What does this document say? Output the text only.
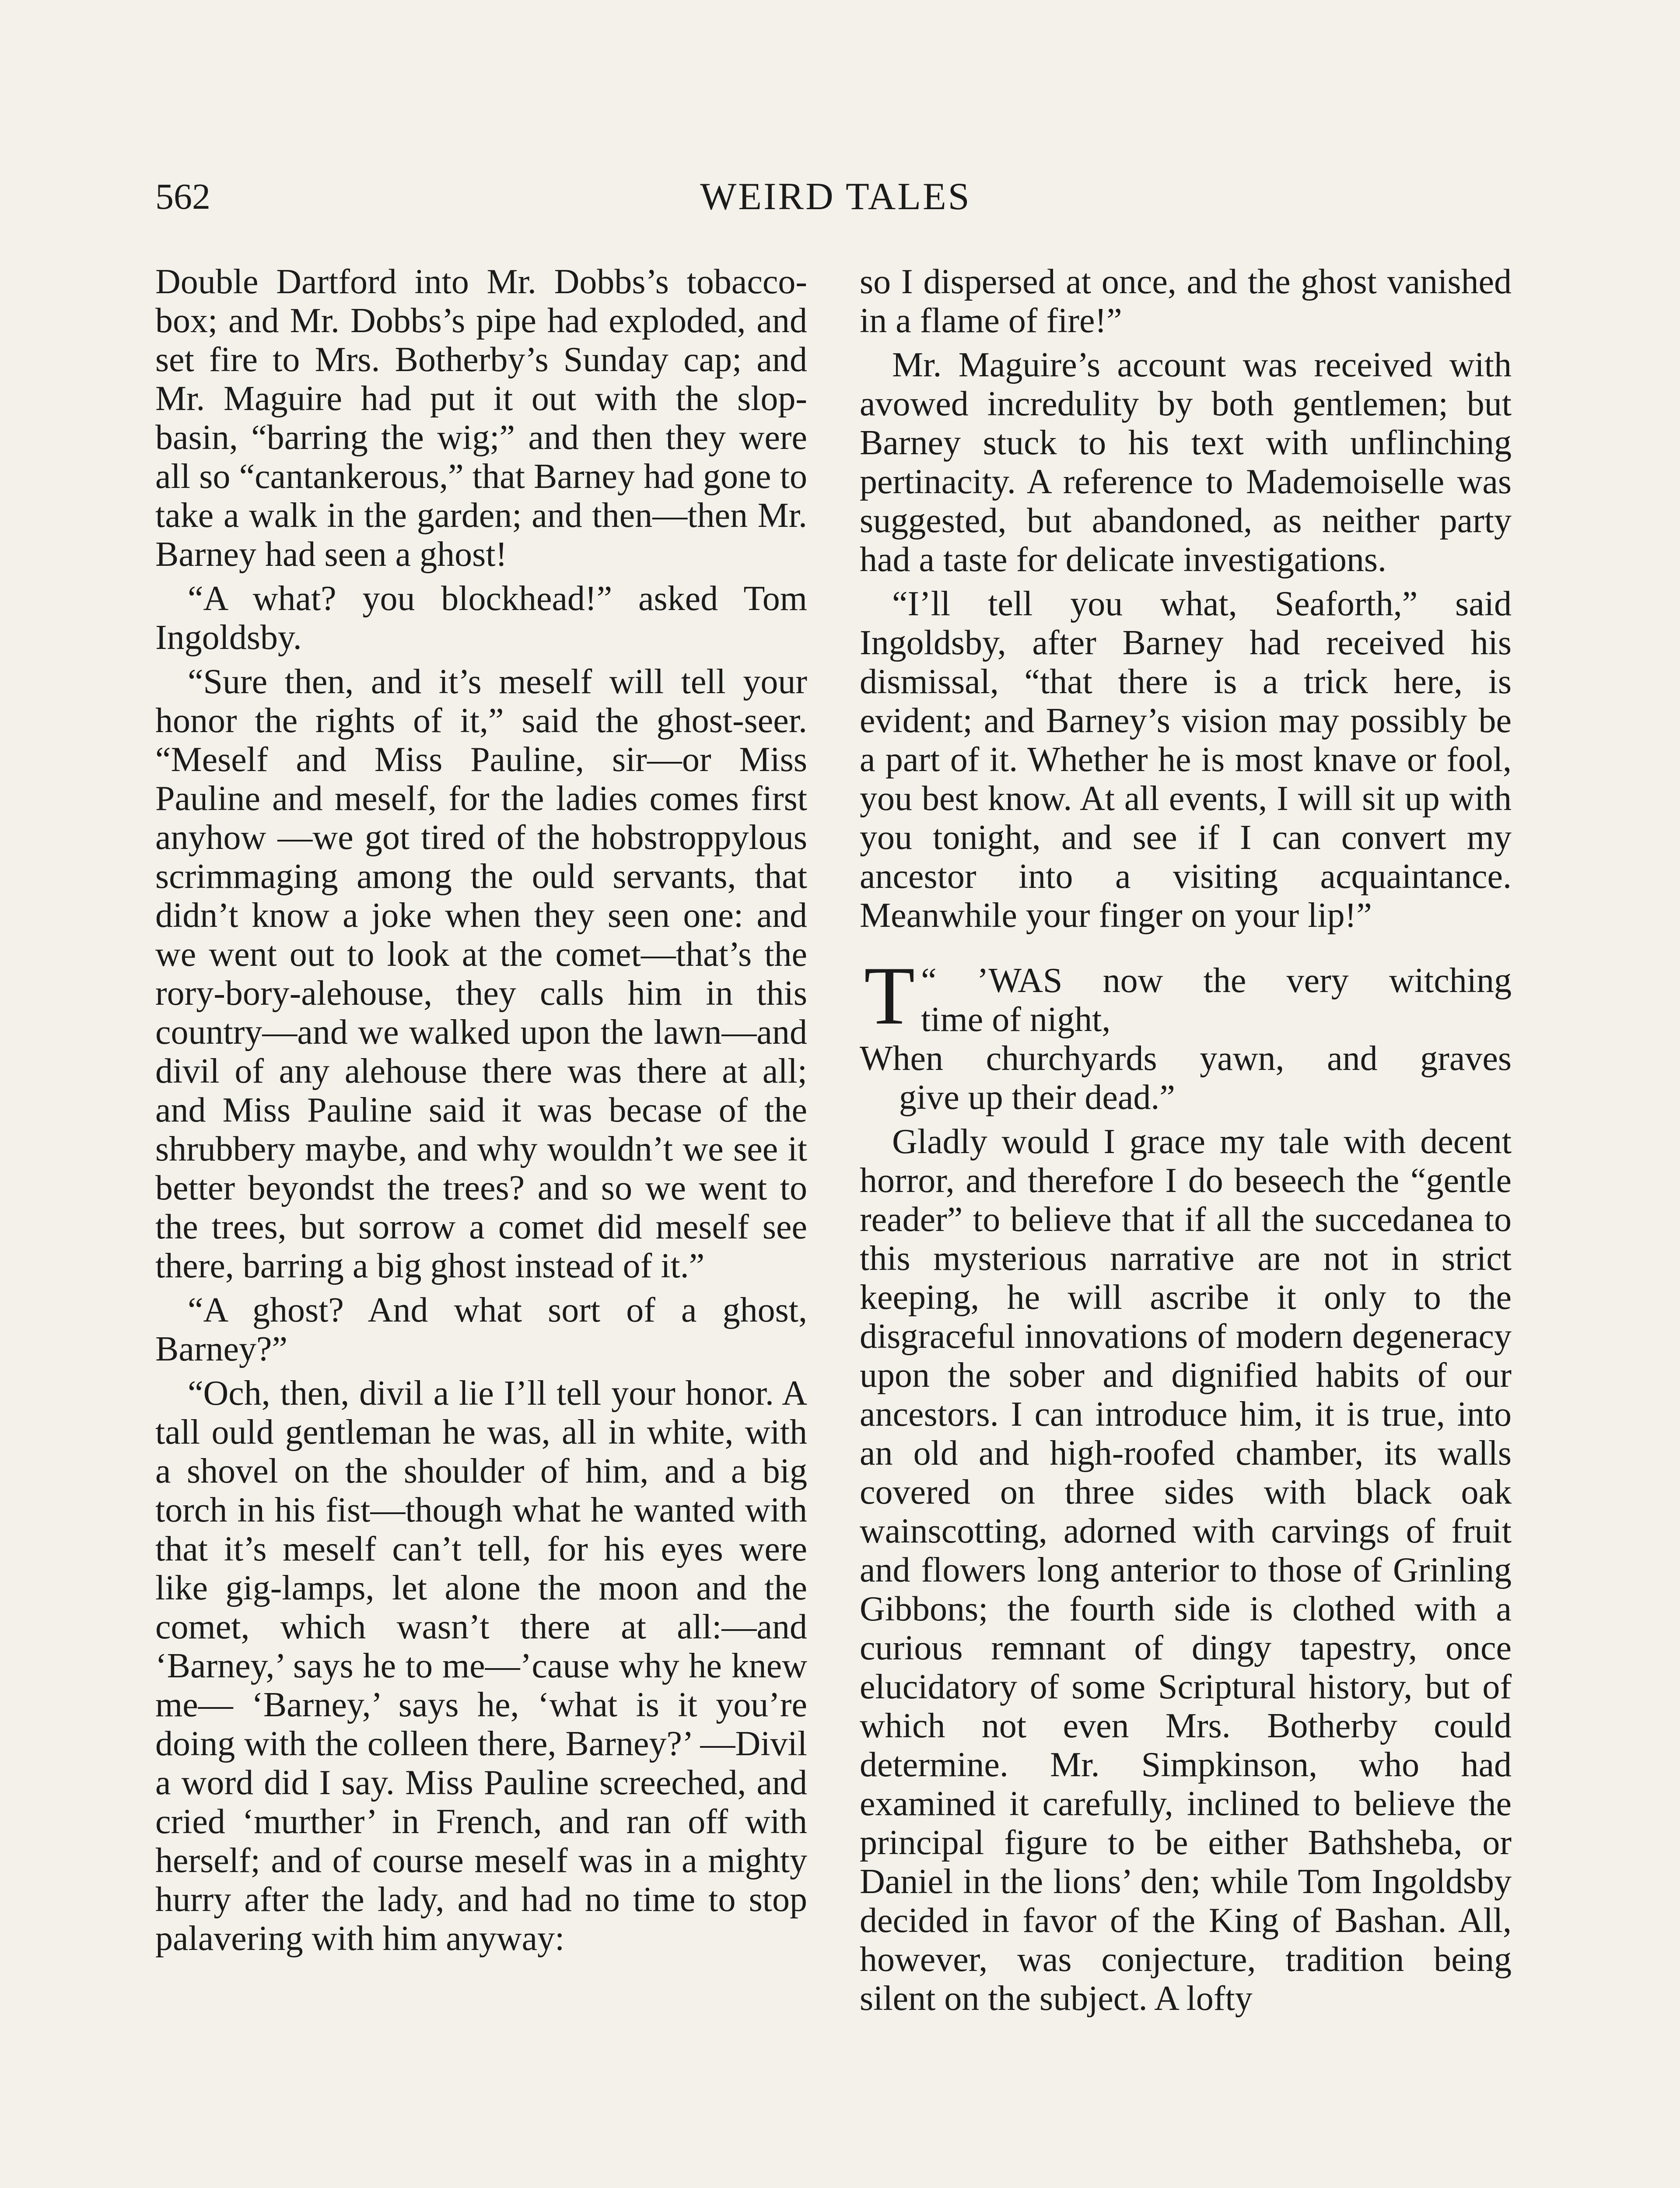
562	WEIRD TALES

Double Dartford into Mr. Dobbs’s tobacco-box; and Mr. Dobbs’s pipe had exploded, and set fire to Mrs. Botherby’s Sunday cap; and Mr. Maguire had put it out with the slop-basin, “barring the wig;” and then they were all so “cantankerous,” that Barney had gone to take a walk in the garden; and then—then Mr. Barney had seen a ghost!

“A what? you blockhead!” asked Tom Ingoldsby.

“Sure then, and it’s meself will tell your honor the rights of it,” said the ghost-seer. “Meself and Miss Pauline, sir—or Miss Pauline and meself, for the ladies comes first anyhow —we got tired of the hobstroppylous scrimmaging among the ould servants, that didn’t know a joke when they seen one: and we went out to look at the comet—that’s the rory-bory-alehouse, they calls him in this country—and we walked upon the lawn—and divil of any alehouse there was there at all; and Miss Pauline said it was becase of the shrubbery maybe, and why wouldn’t we see it better beyondst the trees? and so we went to the trees, but sorrow a comet did meself see there, barring a big ghost instead of it.”

“A ghost? And what sort of a ghost, Barney?”

“Och, then, divil a lie I’ll tell your honor. A tall ould gentleman he was, all in white, with a shovel on the shoulder of him, and a big torch in his fist—though what he wanted with that it’s meself can’t tell, for his eyes were like gig-lamps, let alone the moon and the comet, which wasn’t there at all:—and ‘Barney,’ says he to me—’cause why he knew me— ‘Barney,’ says he, ‘what is it you’re doing with the colleen there, Barney?’ —Divil a word did I say. Miss Pauline screeched, and cried ‘murther’ in French, and ran off with herself; and of course meself was in a mighty hurry after the lady, and had no time to stop palavering with him anyway:

so I dispersed at once, and the ghost vanished in a flame of fire!”

Mr. Maguire’s account was received with avowed incredulity by both gentlemen; but Barney stuck to his text with unflinching pertinacity. A reference to Mademoiselle was suggested, but abandoned, as neither party had a taste for delicate investigations.

“I’ll tell you what, Seaforth,” said Ingoldsby, after Barney had received his dismissal, “that there is a trick here, is evident; and Barney’s vision may possibly be a part of it. Whether he is most knave or fool, you best know. At all events, I will sit up with you tonight, and see if I can convert my ancestor into a visiting acquaintance. Meanwhile your finger on your lip!”

“ ’
T WAS now the very witching
time of night,
When churchyards yawn, and graves
give up their dead.”

Gladly would I grace my tale with decent horror, and therefore I do beseech the “gentle reader” to believe that if all the succedanea to this mysterious narrative are not in strict keeping, he will ascribe it only to the disgraceful innovations of modern degeneracy upon the sober and dignified habits of our ancestors. I can introduce him, it is true, into an old and high-roofed chamber, its walls covered on three sides with black oak wainscotting, adorned with carvings of fruit and flowers long anterior to those of Grinling Gibbons; the fourth side is clothed with a curious remnant of dingy tapestry, once elucidatory of some Scriptural history, but of which not even Mrs. Botherby could determine. Mr. Simpkinson, who had examined it carefully, inclined to believe the principal figure to be either Bathsheba, or Daniel in the lions’ den; while Tom Ingoldsby decided in favor of the King of Bashan. All, however, was conjecture, tradition being silent on the subject. A lofty
